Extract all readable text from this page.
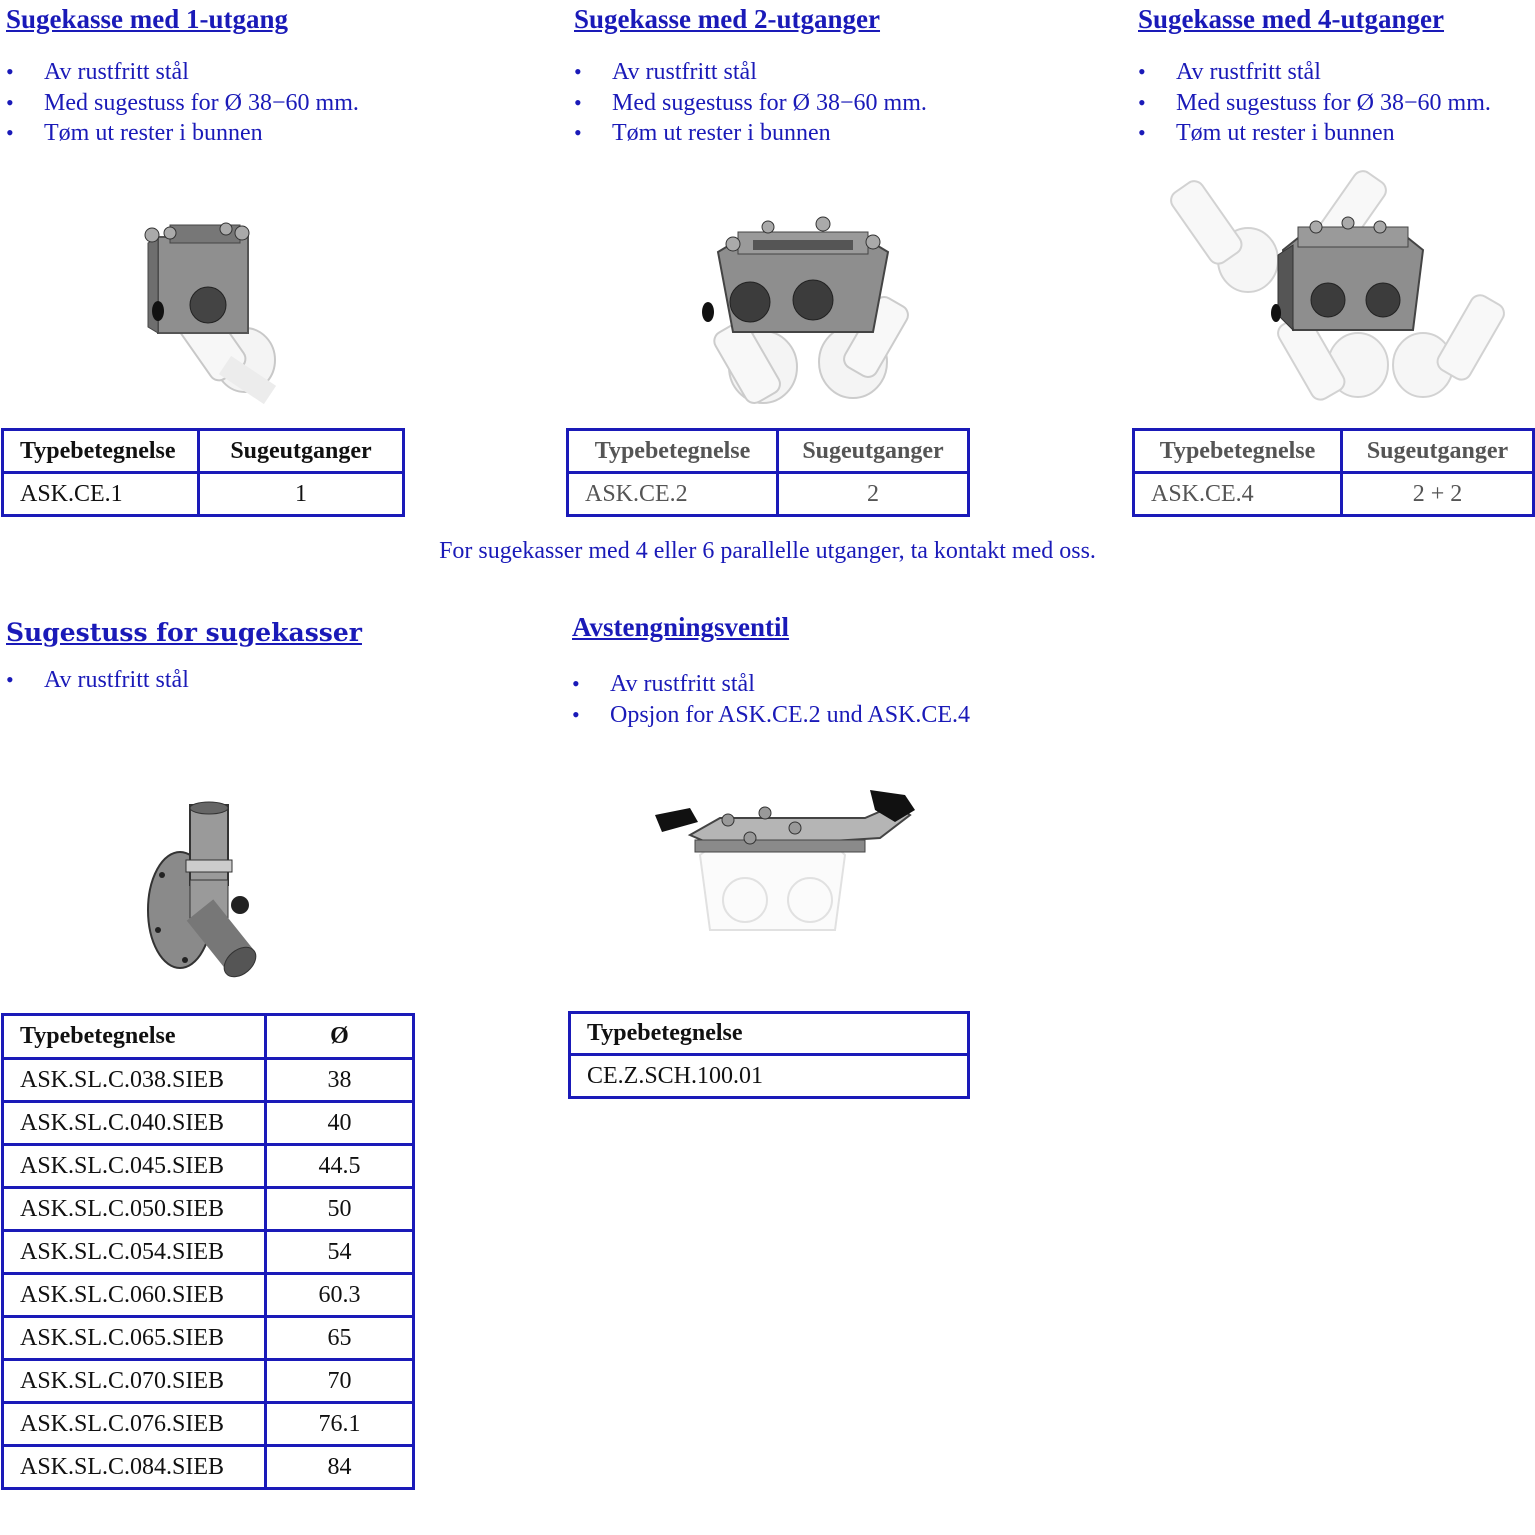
Sugekasse med 1-utgang
• Av rustfritt stål
• Med sugestuss for Ø 38−60 mm.
• Tøm ut rester i bunnen
Typebetegnelse	Sugeutganger
ASK.CE.1	1
Sugekasse med 2-utganger
• Av rustfritt stål
• Med sugestuss for Ø 38−60 mm.
• Tøm ut rester i bunnen
Typebetegnelse	Sugeutganger
ASK.CE.2	2
Sugekasse med 4-utganger
• Av rustfritt stål
• Med sugestuss for Ø 38−60 mm.
• Tøm ut rester i bunnen
Typebetegnelse	Sugeutganger
ASK.CE.4	2 + 2
For sugekasser med 4 eller 6 parallelle utganger, ta kontakt med oss.
Sugestuss for sugekasser
• Av rustfritt stål
Typebetegnelse	Ø
ASK.SL.C.038.SIEB	38
ASK.SL.C.040.SIEB	40
ASK.SL.C.045.SIEB	44.5
ASK.SL.C.050.SIEB	50
ASK.SL.C.054.SIEB	54
ASK.SL.C.060.SIEB	60.3
ASK.SL.C.065.SIEB	65
ASK.SL.C.070.SIEB	70
ASK.SL.C.076.SIEB	76.1
ASK.SL.C.084.SIEB	84
Avstengningsventil
• Av rustfritt stål
• Opsjon for ASK.CE.2 und ASK.CE.4
Typebetegnelse
CE.Z.SCH.100.01
